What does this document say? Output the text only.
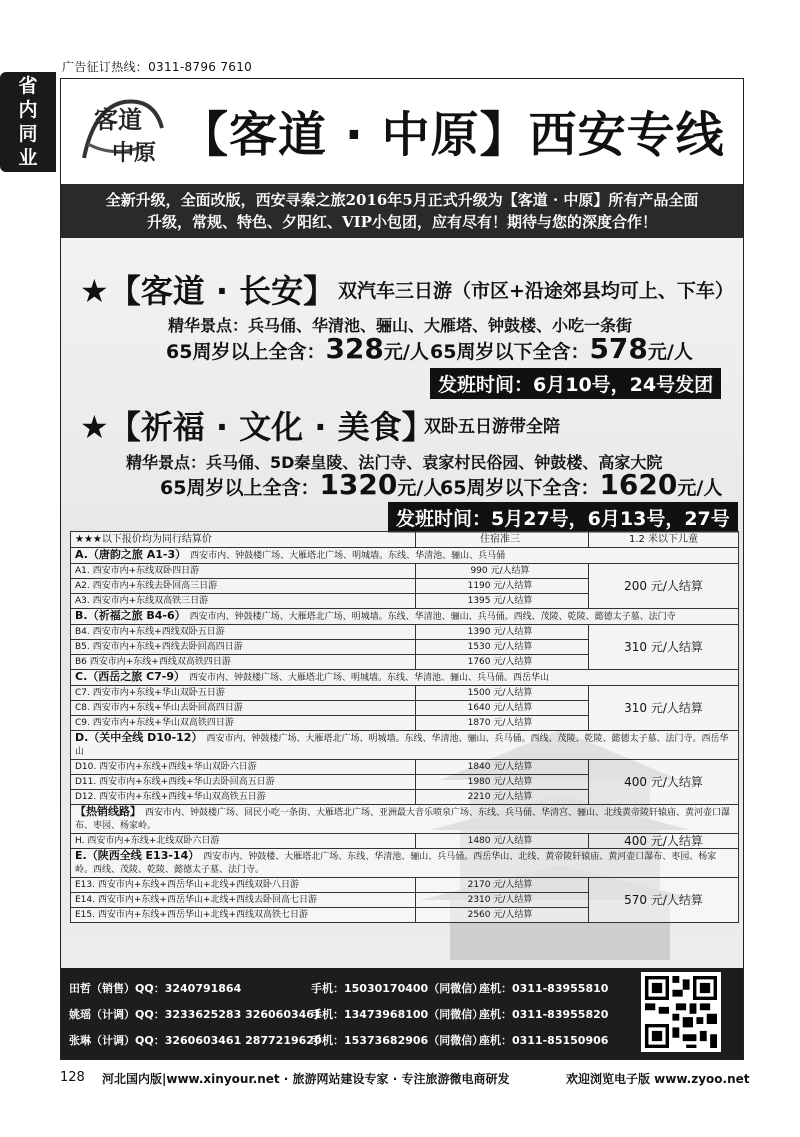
广告征订热线：0311-8796 7610
省
内
同
业
客道
中原 【客道 · 中原】西安专线
全新升级，全面改版，西安寻秦之旅2016年5月正式升级为【客道 · 中原】所有产品全面
升级，常规、特色、夕阳红、VIP小包团，应有尽有！期待与您的深度合作！
★【客道 · 长安】 双汽车三日游（市区+沿途郊县均可上、下车）
精华景点：兵马俑、华清池、骊山、大雁塔、钟鼓楼、小吃一条街
65周岁以上全含：328元/人 65周岁以下全含：578元/人
发班时间：6月10号，24号发团
★【祈福 · 文化 · 美食】
双卧五日游带全陪
精华景点：兵马俑、5D秦皇陵、法门寺、袁家村民俗园、钟鼓楼、高家大院
65周岁以上全含：1320元/人
65周岁以下全含：1620元/人
发班时间：5月27号，6月13号，27号
★★★以下报价均为同行结算价	住宿准三	1.2 米以下儿童
A.（唐韵之旅 A1-3） 西安市内、钟鼓楼广场、大雁塔北广场、明城墙。东线、华清池、骊山、兵马俑		
A1. 西安市内+东线双卧四日游	990 元/人结算	200 元/人结算
A2. 西安市内+东线去卧回高三日游	1190 元/人结算	
A3. 西安市内+东线双高铁三日游	1395 元/人结算	
B.（祈福之旅 B4-6） 西安市内、钟鼓楼广场、大雁塔北广场、明城墙。东线、华清池、骊山、兵马俑。西线、茂陵、乾陵、懿德太子墓、法门寺		
B4. 西安市内+东线+西线双卧五日游	1390 元/人结算	310 元/人结算
B5. 西安市内+东线+西线去卧回高四日游	1530 元/人结算	
B6 西安市内+东线+西线双高铁四日游	1760 元/人结算	
C.（西岳之旅 C7-9） 西安市内、钟鼓楼广场、大雁塔北广场、明城墙。东线、华清池、骊山、兵马俑。西岳华山		
C7. 西安市内+东线+华山双卧五日游	1500 元/人结算	310 元/人结算
C8. 西安市内+东线+华山去卧回高四日游	1640 元/人结算	
C9. 西安市内+东线+华山双高铁四日游	1870 元/人结算	
D.（关中全线 D10-12） 西安市内、钟鼓楼广场、大雁塔北广场、明城墙。东线、华清池、骊山、兵马俑。西线、茂陵、乾陵、懿德太子墓、法门寺。西岳华山		
D10. 西安市内+东线+西线+华山双卧六日游	1840 元/人结算	400 元/人结算
D11. 西安市内+东线+西线+华山去卧回高五日游	1980 元/人结算	
D12. 西安市内+东线+西线+华山双高铁五日游	2210 元/人结算	
【热销线路】 西安市内、钟鼓楼广场、回民小吃一条街、大雁塔北广场、亚洲最大音乐喷泉广场、东线、兵马俑、华清宫、骊山、北线黄帝陵轩辕庙、黄河壶口瀑布、枣园、杨家岭。		
H. 西安市内+东线+北线双卧六日游	1480 元/人结算	400 元/人结算
E.（陕西全线 E13-14） 西安市内、钟鼓楼、大雁塔北广场、东线、华清池、骊山、兵马俑。西岳华山、北线、黄帝陵轩辕庙、黄河壶口瀑布、枣园、杨家岭。西线、茂陵、乾陵、懿德太子墓、法门寺。		
E13. 西安市内+东线+西岳华山+北线+西线双卧八日游	2170 元/人结算	570 元/人结算
E14. 西安市内+东线+西岳华山+北线+西线去卧回高七日游	2310 元/人结算	
E15. 西安市内+东线+西岳华山+北线+西线双高铁七日游	2560 元/人结算	
田哲（销售）QQ：3240791864	手机：15030170400（同微信）
座机：0311-83955810
姚瑶（计调）QQ：3233625283 3260603461
手机：13473968100（同微信）
座机：0311-83955820
张琳（计调）QQ：3260603461 2877219620
手机：15373682906（同微信）
座机：0311-85150906
128 河北国内版|www.xinyour.net · 旅游网站建设专家 · 专注旅游微电商研发	欢迎浏览电子版 www.zyoo.net
